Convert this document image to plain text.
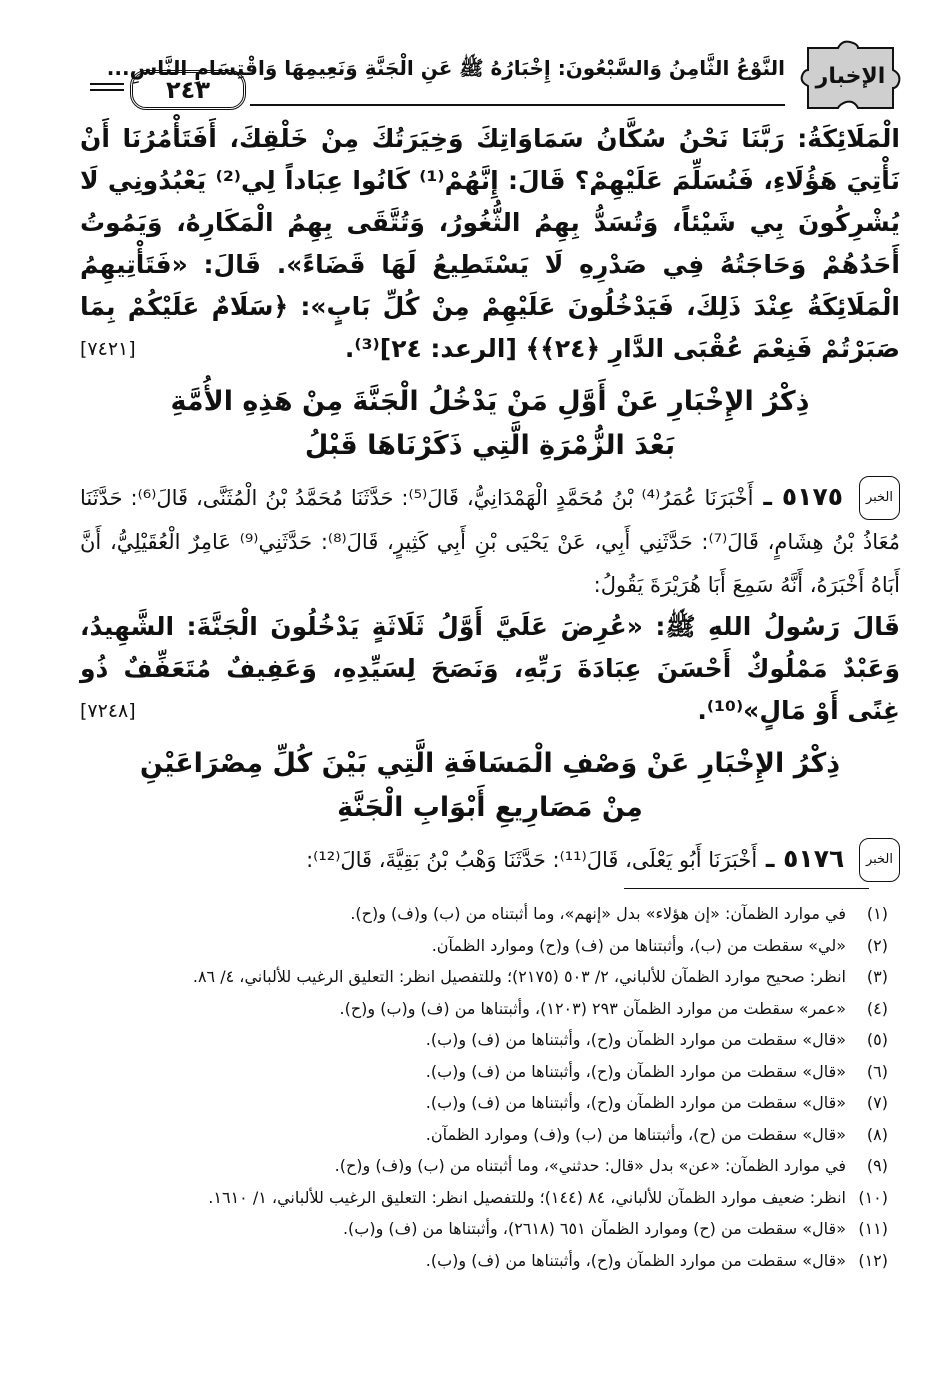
الإخبار
النَّوْعُ الثَّامِنُ وَالسَّبْعُونَ: إِخْبَارُهُ ﷺ عَنِ الْجَنَّةِ وَنَعِيمِهَا وَاقْتِسَامِ النَّاسِ...
٢٤٣

الْمَلَائِكَةُ: رَبَّنَا نَحْنُ سُكَّانُ سَمَاوَاتِكَ وَخِيَرَتُكَ مِنْ خَلْقِكَ، أَفَتَأْمُرُنَا أَنْ نَأْتِيَ هَؤُلَاءِ، فَنُسَلِّمَ عَلَيْهِمْ؟ قَالَ: إِنَّهُمْ⁽¹⁾ كَانُوا عِبَاداً لِي⁽²⁾ يَعْبُدُونِي لَا يُشْرِكُونَ بِي شَيْئاً، وَتُسَدُّ بِهِمُ الثُّغُورُ، وَتُتَّقَى بِهِمُ الْمَكَارِهُ، وَيَمُوتُ أَحَدُهُمْ وَحَاجَتُهُ فِي صَدْرِهِ لَا يَسْتَطِيعُ لَهَا قَضَاءً». قَالَ: «فَتَأْتِيهِمُ الْمَلَائِكَةُ عِنْدَ ذَلِكَ، فَيَدْخُلُونَ عَلَيْهِمْ مِنْ كُلِّ بَابٍ»: ﴿سَلَامٌ عَلَيْكُمْ بِمَا صَبَرْتُمْ فَنِعْمَ عُقْبَى الدَّارِ ﴿٢٤﴾﴾ [الرعد: ٢٤]⁽³⁾.
[٧٤٢١]

ذِكْرُ الإِخْبَارِ عَنْ أَوَّلِ مَنْ يَدْخُلُ الْجَنَّةَ مِنْ هَذِهِ الأُمَّةِ
بَعْدَ الزُّمْرَةِ الَّتِي ذَكَرْنَاهَا قَبْلُ

الخبر ٥١٧٥ ـ أَخْبَرَنَا عُمَرُ⁽⁴⁾ بْنُ مُحَمَّدٍ الْهَمْدَانِيُّ، قَالَ⁽⁵⁾: حَدَّثَنَا مُحَمَّدُ بْنُ الْمُثَنَّى، قَالَ⁽⁶⁾: حَدَّثَنَا مُعَاذُ بْنُ هِشَامٍ، قَالَ⁽⁷⁾: حَدَّثَنِي أَبِي، عَنْ يَحْيَى بْنِ أَبِي كَثِيرٍ، قَالَ⁽⁸⁾: حَدَّثَنِي⁽⁹⁾ عَامِرٌ الْعُقَيْلِيُّ، أَنَّ أَبَاهُ أَخْبَرَهُ، أَنَّهُ سَمِعَ أَبَا هُرَيْرَةَ يَقُولُ:

قَالَ رَسُولُ اللهِ ﷺ: «عُرِضَ عَلَيَّ أَوَّلُ ثَلَاثَةٍ يَدْخُلُونَ الْجَنَّةَ: الشَّهِيدُ، وَعَبْدٌ مَمْلُوكٌ أَحْسَنَ عِبَادَةَ رَبِّهِ، وَنَصَحَ لِسَيِّدِهِ، وَعَفِيفٌ مُتَعَفِّفٌ ذُو غِنًى أَوْ مَالٍ»⁽¹⁰⁾.
[٧٢٤٨]

ذِكْرُ الإِخْبَارِ عَنْ وَصْفِ الْمَسَافَةِ الَّتِي بَيْنَ كُلِّ مِصْرَاعَيْنِ
مِنْ مَصَارِيعِ أَبْوَابِ الْجَنَّةِ

الخبر ٥١٧٦ ـ أَخْبَرَنَا أَبُو يَعْلَى، قَالَ⁽¹¹⁾: حَدَّثَنَا وَهْبُ بْنُ بَقِيَّةَ، قَالَ⁽¹²⁾:

(١)
في موارد الظمآن: «إن هؤلاء» بدل «إنهم»، وما أثبتناه من (ب) و(ف) و(ح).
(٢)
«لي» سقطت من (ب)، وأثبتناها من (ف) و(ح) وموارد الظمآن.
(٣)
انظر: صحيح موارد الظمآن للألباني، ٢/ ٥٠٣ (٢١٧٥)؛ وللتفصيل انظر: التعليق الرغيب للألباني، ٤/ ٨٦.
(٤)
«عمر» سقطت من موارد الظمآن ٢٩٣ (١٢٠٣)، وأثبتناها من (ف) و(ب) و(ح).
(٥)
«قال» سقطت من موارد الظمآن و(ح)، وأثبتناها من (ف) و(ب).
(٦)
«قال» سقطت من موارد الظمآن و(ح)، وأثبتناها من (ف) و(ب).
(٧)
«قال» سقطت من موارد الظمآن و(ح)، وأثبتناها من (ف) و(ب).
(٨)
«قال» سقطت من (ح)، وأثبتناها من (ب) و(ف) وموارد الظمآن.
(٩)
في موارد الظمآن: «عن» بدل «قال: حدثني»، وما أثبتناه من (ب) و(ف) و(ح).
(١٠)
انظر: ضعيف موارد الظمآن للألباني، ٨٤ (١٤٤)؛ وللتفصيل انظر: التعليق الرغيب للألباني، ١/ ١٦١٠.
(١١)
«قال» سقطت من (ح) وموارد الظمآن ٦٥١ (٢٦١٨)، وأثبتناها من (ف) و(ب).
(١٢)
«قال» سقطت من موارد الظمآن و(ح)، وأثبتناها من (ف) و(ب).
